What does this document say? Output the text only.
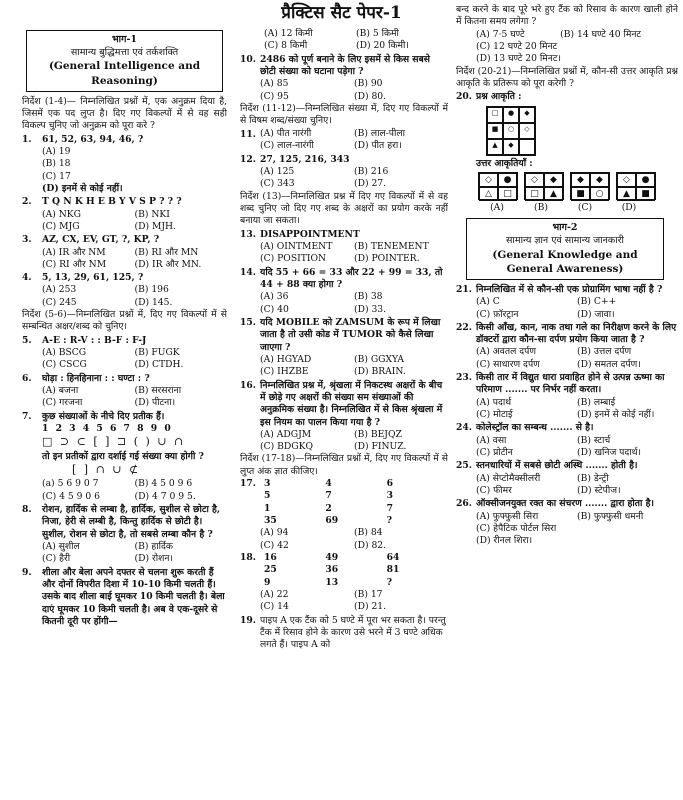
प्रैक्टिस सैट पेपर-1
भाग-1
सामान्य बुद्धिमत्ता एवं तर्कशक्ति
(General Intelligence and Reasoning)

निर्देश (1-4)— निम्नलिखित प्रश्नों में, एक अनुक्रम दिया है, जिसमें एक पद लुप्त है। दिए गए विकल्पों में से वह सही विकल्प चुनिए जो अनुक्रम को पूरा करे ?

1.	61, 52, 63, 94, 46, ?
(A) 19
(B) 18
(C) 17
(D) इनमें से कोई नहीं।
2.	T Q N K H E B Y V S P ? ? ?
(A) NKG	(B) NKI
(C) MJG	(D) MJH.
3.	AZ, CX, EV, GT, ?, KP, ?
(A) IR और NM	(B) RI और MN
(C) RI और NM	(D) IR और MN.
4.	5, 13, 29, 61, 125, ?
(A) 253	(B) 196
(C) 245	(D) 145.

निर्देश (5-6)—निम्नलिखित प्रश्नों में, दिए गए विकल्पों में से सम्बन्धित अक्षर/शब्द को चुनिए।

5.	A-E : R-V : : B-F : F-J
(A) BSCG	(B) FUGK
(C) CSCG	(D) CTDH.
6.	घोड़ा : हिनहिनाना : : घण्टा : ?
(A) बजना	(B) सरसराना
(C) गरजना	(D) पीटना।
7.	कुछ संख्याओं के नीचे दिए प्रतीक हैं।
1 2 3 4 5 6 7 8 9 0
□ ⊃ ⊂ [ ] ⊐ ( ) ∪ ∩
तो इन प्रतीकों द्वारा दर्शाई गई संख्या क्या होगी ?
[ ] ∩ ∪ ⊄
(a) 5 6 9 0 7	(B) 4 5 0 9 6
(C) 4 5 9 0 6	(D) 4 7 0 9 5.
8.	रोशन, हार्दिक से लम्बा है, हार्दिक, सुशील से छोटा है, निजा, हेरी से लम्बी है, किन्तु हार्दिक से छोटी है। सुशील, रोशन से छोटा है, तो सबसे लम्बा कौन है ?
(A) सुशील	(B) हार्दिक
(C) हैरी	(D) रोशन।
9.	शीला और बेला अपने दफ्तर से चलना शुरू करती हैं और दोनों विपरीत दिशा में 10-10 किमी चलती हैं। उसके बाद शीला बाई घूमकर 10 किमी चलती है। बेला दाएं घूमकर 10 किमी चलती है। अब वे एक-दूसरे से कितनी दूरी पर होंगी—
(A) 12 किमी	(B) 5 किमी
(C) 8 किमी	(D) 20 किमी।
10. 2486 को पूर्ण बनाने के लिए इसमें से किस सबसे छोटी संख्या को घटाना पड़ेगा ?
(A) 85	(B) 90
(C) 95	(D) 80.

निर्देश (11-12)—निम्नलिखित संख्या में, दिए गए विकल्पों में से विषम शब्द/संख्या चुनिए।

11. (A) पीत नारंगी	(B) लाल-पीला
(C) लाल-नारंगी	(D) पीत हरा।
12. 27, 125, 216, 343
(A) 125	(B) 216
(C) 343	(D) 27.

निर्देश (13)—निम्नलिखित प्रश्न में दिए गए विकल्पों में से वह शब्द चुनिए जो दिए गए शब्द के अक्षरों का प्रयोग करके नहीं बनाया जा सकता।

13. DISAPPOINTMENT
(A) OINTMENT	(B) TENEMENT
(C) POSITION	(D) POINTER.
14. यदि 55 + 66 = 33 और 22 + 99 = 33, तो 44 + 88 क्या होगा ?
(A) 36	(B) 38
(C) 40	(D) 33.
15. यदि MOBILE को ZAMSUM के रूप में लिखा जाता है तो उसी कोड में TUMOR को कैसे लिखा जाएगा ?
(A) HGYAD	(B) GGXYA
(C) IHZBE	(D) BRAIN.
16. निम्नलिखित प्रश्न में, श्रृंखला में निकटस्थ अक्षरों के बीच में छोड़े गए अक्षरों की संख्या सम संख्याओं की अनुक्रमिक संख्या है। निम्नलिखित में से किस श्रृंखला में इस नियम का पालन किया गया है ?
(A) ADGJM	(B) BEJQZ
(C) BDGKQ	(D) FINUZ.

निर्देश (17-18)—निम्नलिखित प्रश्नों में, दिए गए विकल्पों में से लुप्त अंक ज्ञात कीजिए।

17. 3	4	6
5	7	3
1	2	7
35	69	?
(A) 94	(B) 84
(C) 42	(D) 82.
18. 16	49	64
25	36	81
9	13	?
(A) 22	(B) 17
(C) 14	(D) 21.
19. पाइप A एक टैंक को 5 घण्टे में पूरा भर सकता है। परन्तु टैंक में रिसाव होने के कारण उसे भरने में 3 घण्टे अधिक लगते हैं। पाइप A को

बन्द करने के बाद पूरे भरे हुए टैंक को रिसाव के कारण खाली होने में कितना समय लगेगा ?

(A) 7·5 घण्टे	(B) 14 घण्टे 40 मिनट
(C) 12 घण्टे 20 मिनट
(D) 13 घण्टे 20 मिनट।

निर्देश (20-21)—निम्नलिखित प्रश्नों में, कौन-सी उत्तर आकृति प्रश्न आकृति के प्रतिरूप को पूरा करेगी ?

20. प्रश्न आकृति :
□	●	◆
■	○	◇
▲	◆
उत्तर आकृतियाँ :
◇	●
△	□
◇	◆
□	▲
◆	◆
■	○
◇	●
▲	■
(A)	(B)	(C)	(D)
भाग-2
सामान्य ज्ञान एवं सामान्य जानकारी
(General Knowledge and General Awareness)
21. निम्नलिखित में से कौन-सी एक प्रोग्रामिंग भाषा नहीं है ?
(A) C	(B) C++
(C) फ़ॉरट्रान	(D) जावा।
22. किसी आँख, कान, नाक तथा गले का निरीक्षण करने के लिए डॉक्टरों द्वारा कौन-सा दर्पण प्रयोग किया जाता है ?
(A) अवतल दर्पण	(B) उत्तल दर्पण
(C) साधारण दर्पण	(D) समतल दर्पण।
23. किसी तार में विद्युत धारा प्रवाहित होने से उत्पन्न ऊष्मा का परिमाण ....... पर निर्भर नहीं करता।
(A) पदार्थ	(B) लम्बाई
(C) मोटाई	(D) इनमें से कोई नहीं।
24. कोलेस्ट्रॉल का सम्बन्ध ....... से है।
(A) वसा	(B) स्टार्च
(C) प्रोटीन	(D) खनिज पदार्थ।
25. स्तनधारियों में सबसे छोटी अस्थि ....... होती है।
(A) सेप्टोमैक्सीलरी	(B) डेन्ट्री
(C) फीमर	(D) स्टेपीज।
26. ऑक्सीजनयुक्त रक्त का संचरण ....... द्वारा होता है।
(A) फुफ्फुसी सिरा	(B) फुफ्फुसी धमनी
(C) हेपैटिक पोर्टल सिरा
(D) रीनल शिरा।
